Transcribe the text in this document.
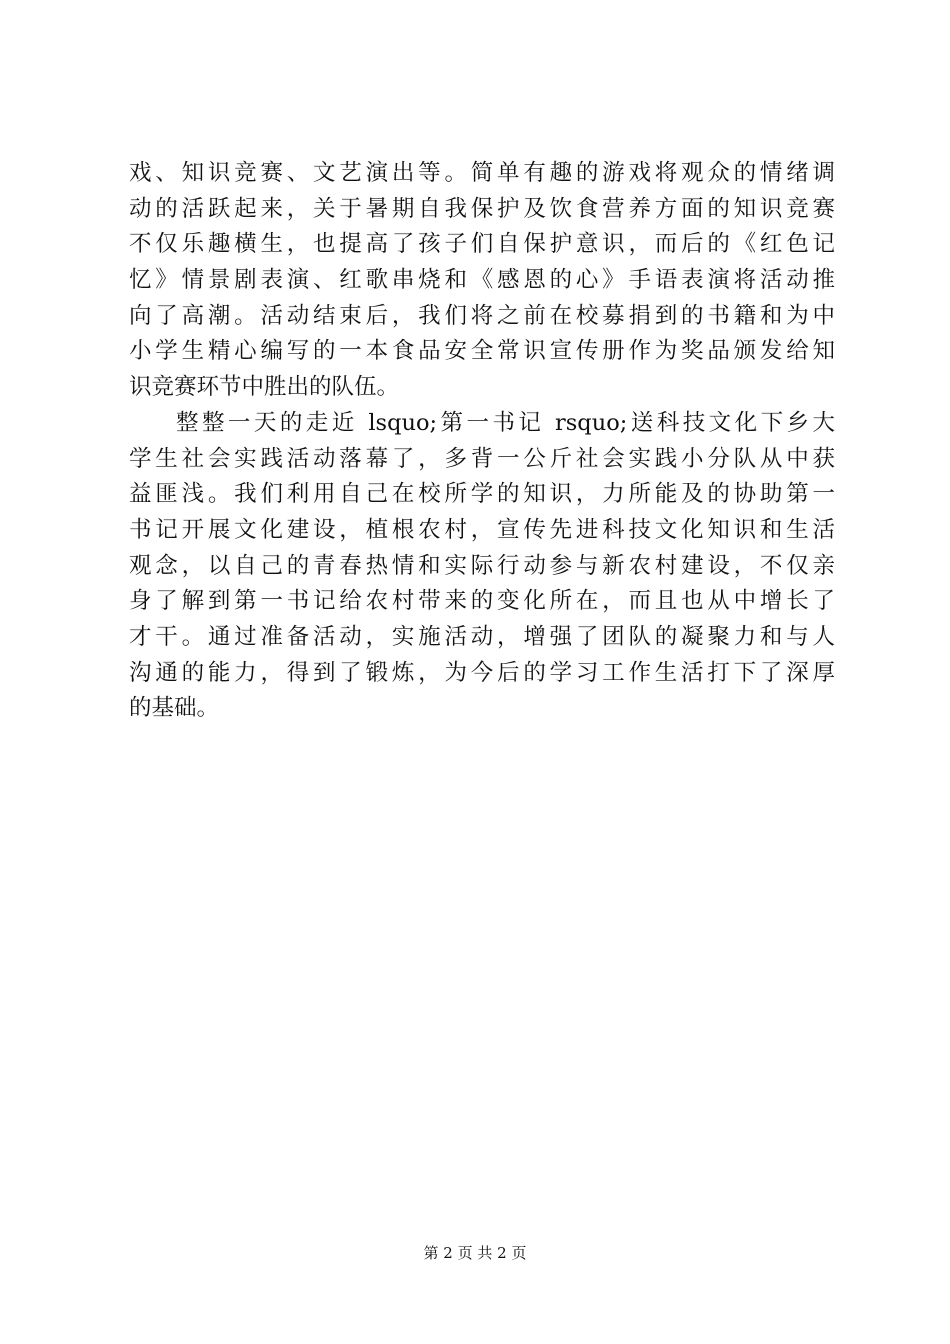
戏、知识竞赛、文艺演出等。简单有趣的游戏将观众的情绪调
动的活跃起来，关于暑期自我保护及饮食营养方面的知识竞赛
不仅乐趣横生，也提高了孩子们自保护意识，而后的《红色记
忆》情景剧表演、红歌串烧和《感恩的心》手语表演将活动推
向了高潮。活动结束后，我们将之前在校募捐到的书籍和为中
小学生精心编写的一本食品安全常识宣传册作为奖品颁发给知
识竞赛环节中胜出的队伍。
整整一天的走近 lsquo;第一书记 rsquo;送科技文化下乡大
学生社会实践活动落幕了，多背一公斤社会实践小分队从中获
益匪浅。我们利用自己在校所学的知识，力所能及的协助第一
书记开展文化建设，植根农村，宣传先进科技文化知识和生活
观念，以自己的青春热情和实际行动参与新农村建设，不仅亲
身了解到第一书记给农村带来的变化所在，而且也从中增长了
才干。通过准备活动，实施活动，增强了团队的凝聚力和与人
沟通的能力，得到了锻炼，为今后的学习工作生活打下了深厚
的基础。
第 2 页 共 2 页
